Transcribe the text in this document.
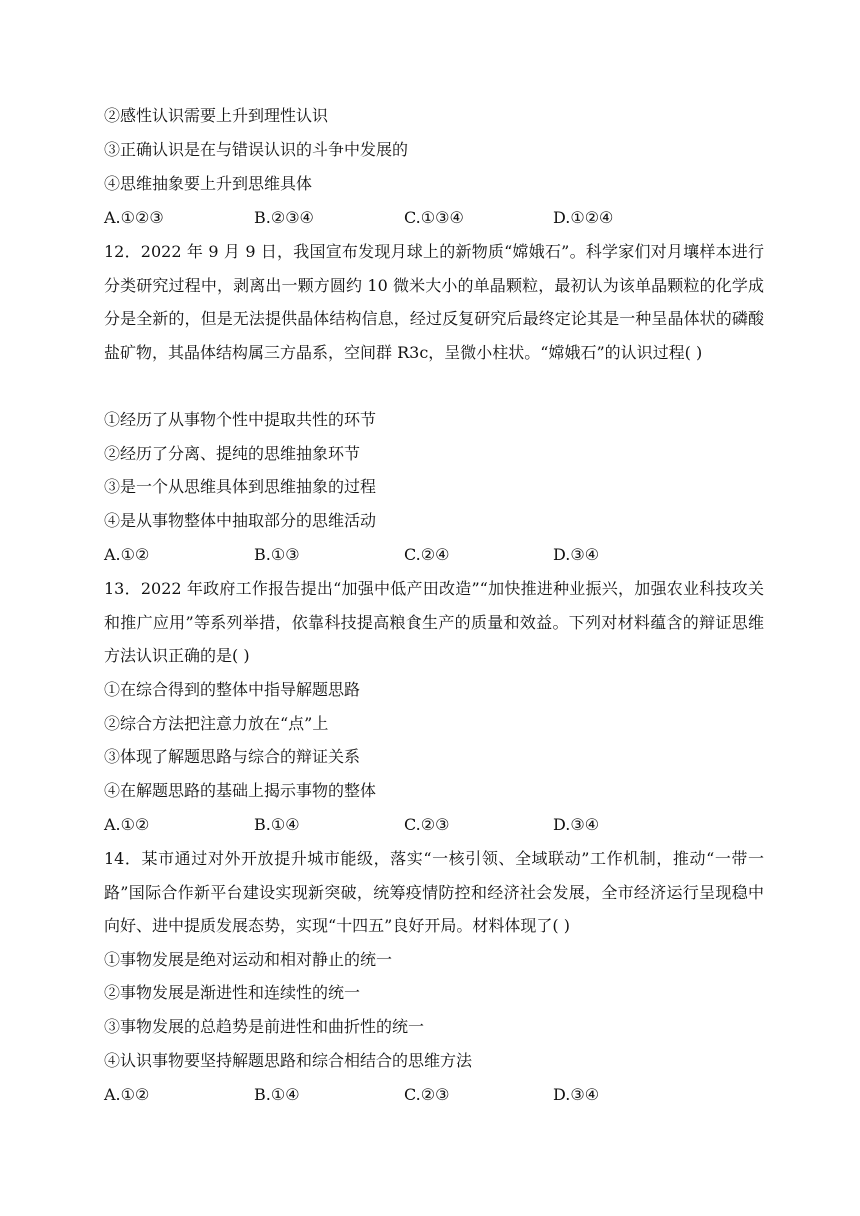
②感性认识需要上升到理性认识
③正确认识是在与错误认识的斗争中发展的
④思维抽象要上升到思维具体
A.①②③	B.②③④	C.①③④	D.①②④
12．2022 年 9 月 9 日，我国宣布发现月球上的新物质“嫦娥石”。科学家们对月壤样本进行分类研究过程中，剥离出一颗方圆约 10 微米大小的单晶颗粒，最初认为该单晶颗粒的化学成分是全新的，但是无法提供晶体结构信息，经过反复研究后最终定论其是一种呈晶体状的磷酸盐矿物，其晶体结构属三方晶系，空间群 R3c，呈微小柱状。“嫦娥石”的认识过程( )
①经历了从事物个性中提取共性的环节
②经历了分离、提纯的思维抽象环节
③是一个从思维具体到思维抽象的过程
④是从事物整体中抽取部分的思维活动
A.①②	B.①③	C.②④	D.③④
13．2022 年政府工作报告提出“加强中低产田改造”“加快推进种业振兴，加强农业科技攻关和推广应用”等系列举措，依靠科技提高粮食生产的质量和效益。下列对材料蕴含的辩证思维方法认识正确的是( )
①在综合得到的整体中指导解题思路
②综合方法把注意力放在“点”上
③体现了解题思路与综合的辩证关系
④在解题思路的基础上揭示事物的整体
A.①②	B.①④	C.②③	D.③④
14．某市通过对外开放提升城市能级，落实“一核引领、全域联动”工作机制，推动“一带一路”国际合作新平台建设实现新突破，统筹疫情防控和经济社会发展，全市经济运行呈现稳中向好、进中提质发展态势，实现“十四五”良好开局。材料体现了( )
①事物发展是绝对运动和相对静止的统一
②事物发展是渐进性和连续性的统一
③事物发展的总趋势是前进性和曲折性的统一
④认识事物要坚持解题思路和综合相结合的思维方法
A.①②	B.①④	C.②③	D.③④
